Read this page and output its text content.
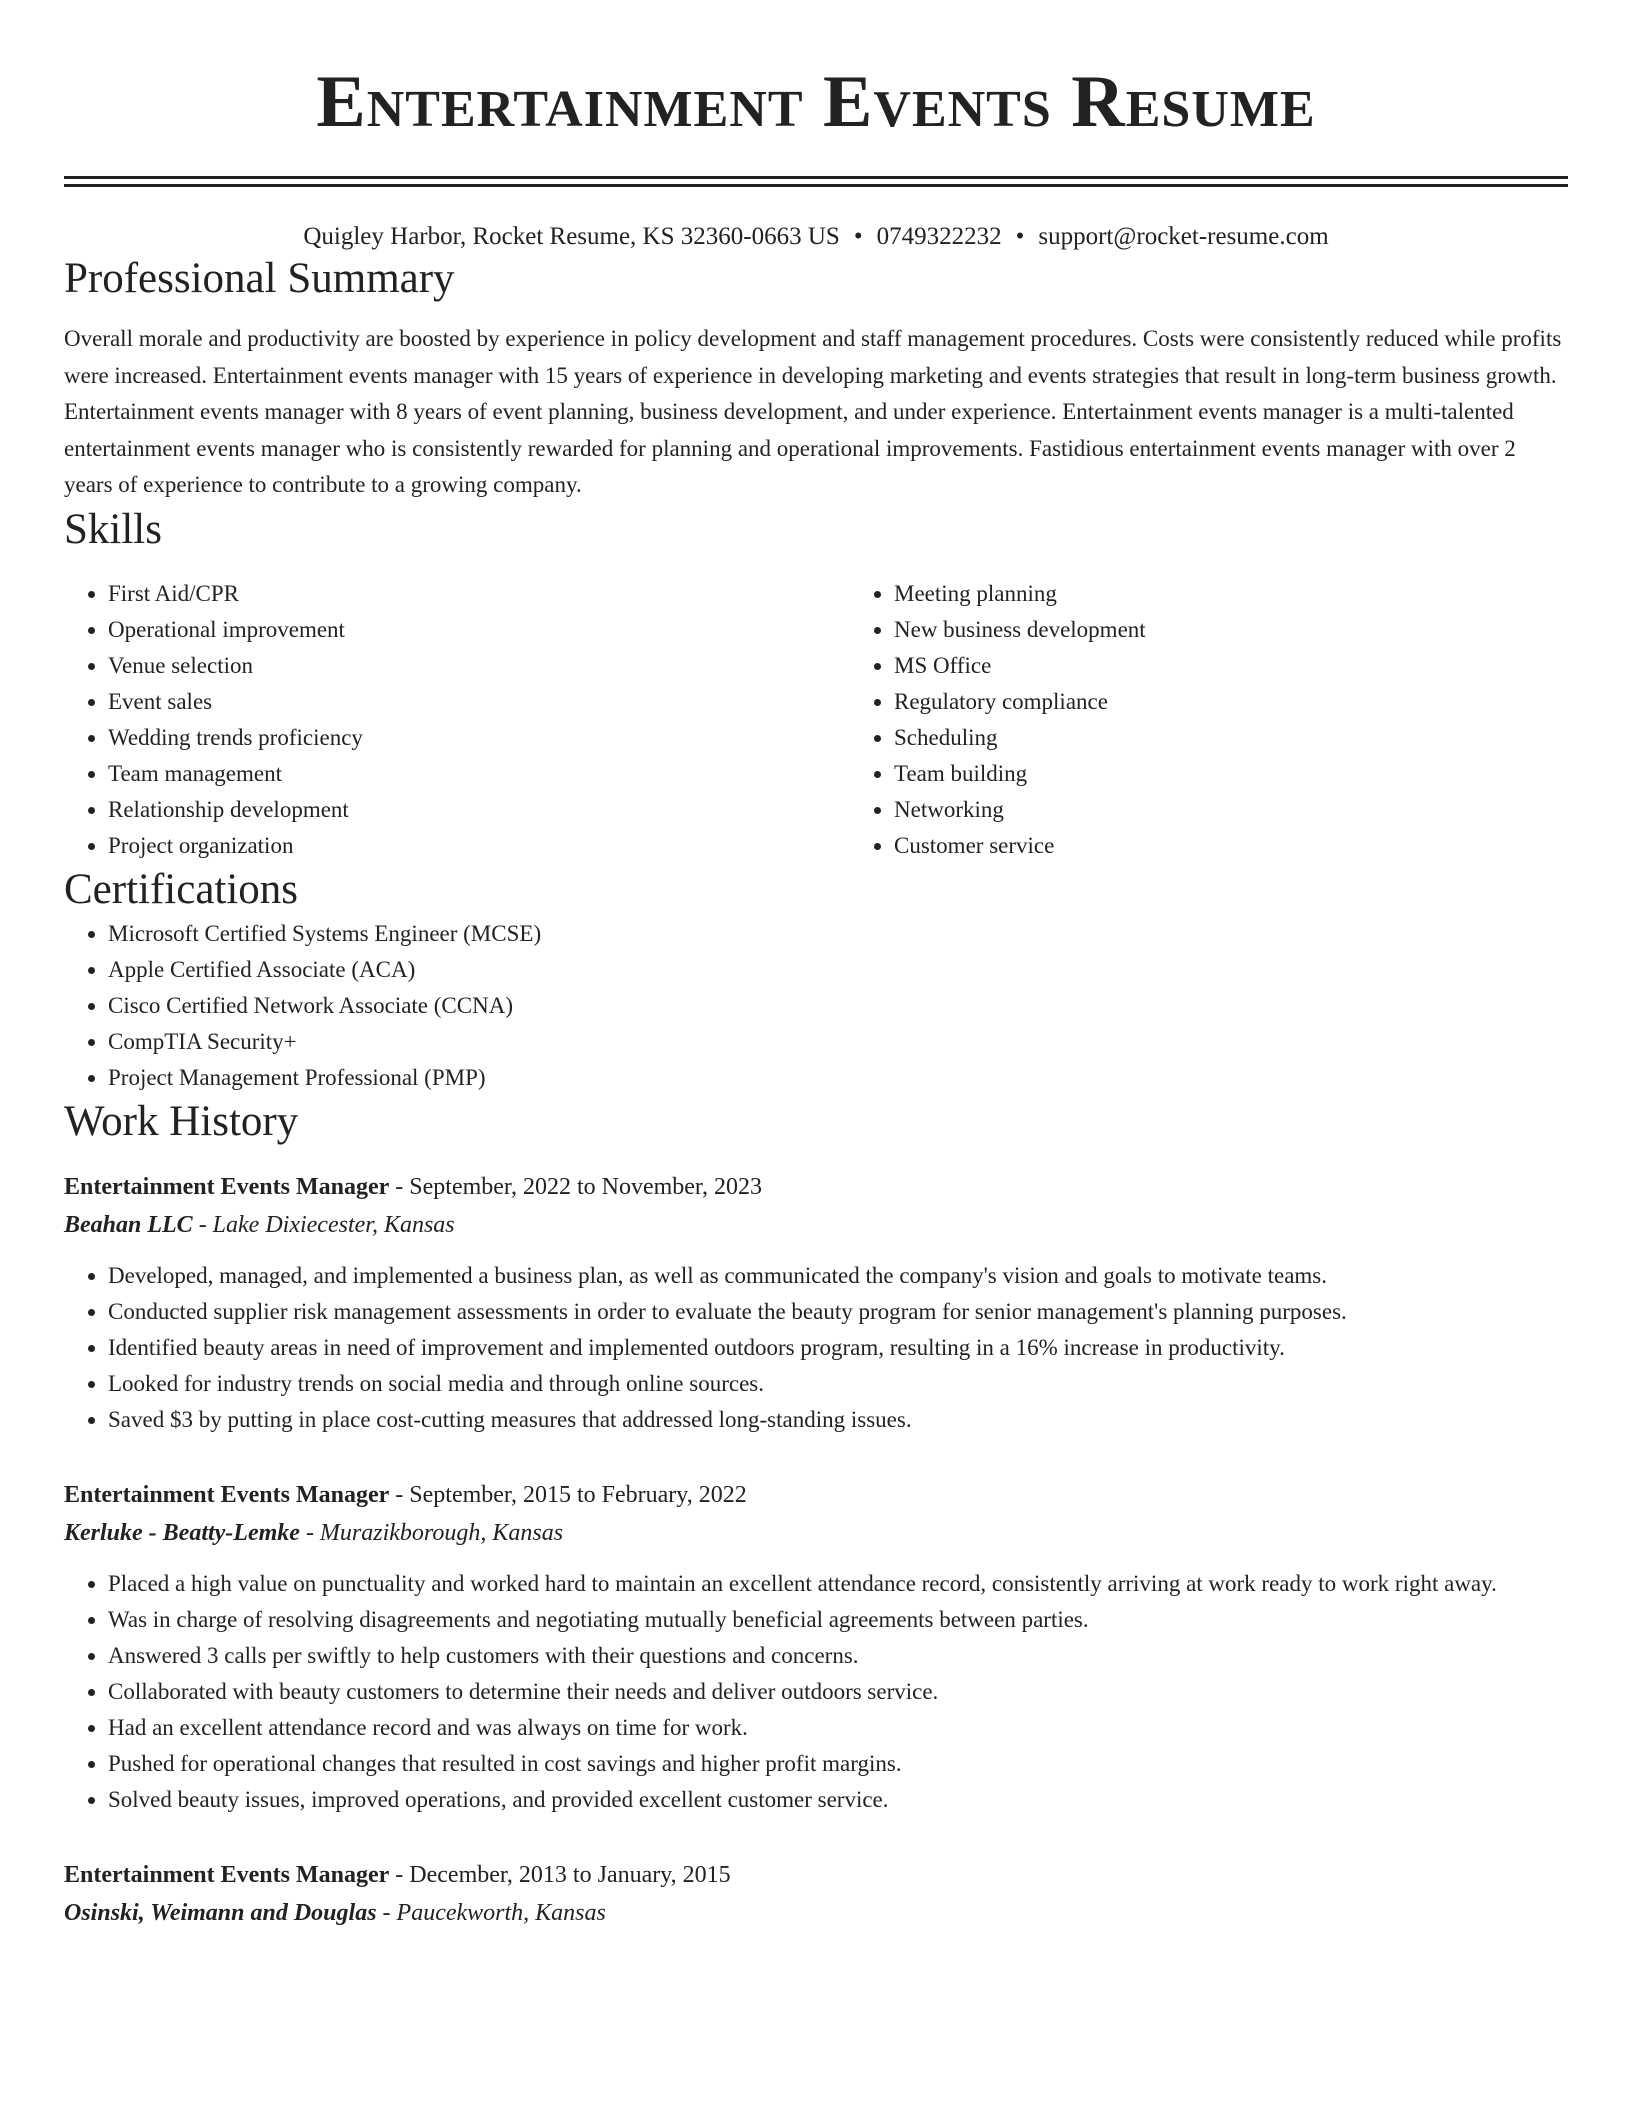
Entertainment Events Resume
Quigley Harbor, Rocket Resume, KS 32360-0663 US • 0749322232 • support@rocket-resume.com
Professional Summary

Overall morale and productivity are boosted by experience in policy development and staff management procedures. Costs were consistently reduced while profits were increased. Entertainment events manager with 15 years of experience in developing marketing and events strategies that result in long-term business growth. Entertainment events manager with 8 years of event planning, business development, and under experience. Entertainment events manager is a multi-talented entertainment events manager who is consistently rewarded for planning and operational improvements. Fastidious entertainment events manager with over 2 years of experience to contribute to a growing company.

Skills
• First Aid/CPR
• Operational improvement
• Venue selection
• Event sales
• Wedding trends proficiency
• Team management
• Relationship development
• Project organization
• Meeting planning
• New business development
• MS Office
• Regulatory compliance
• Scheduling
• Team building
• Networking
• Customer service
Certifications
• Microsoft Certified Systems Engineer (MCSE)
• Apple Certified Associate (ACA)
• Cisco Certified Network Associate (CCNA)
• CompTIA Security+
• Project Management Professional (PMP)
Work History
Entertainment Events Manager - September, 2022 to November, 2023
Beahan LLC - Lake Dixiecester, Kansas
• Developed, managed, and implemented a business plan, as well as communicated the company's vision and goals to motivate teams.
• Conducted supplier risk management assessments in order to evaluate the beauty program for senior management's planning purposes.
• Identified beauty areas in need of improvement and implemented outdoors program, resulting in a 16% increase in productivity.
• Looked for industry trends on social media and through online sources.
• Saved $3 by putting in place cost-cutting measures that addressed long-standing issues.
Entertainment Events Manager - September, 2015 to February, 2022
Kerluke - Beatty-Lemke - Murazikborough, Kansas
• Placed a high value on punctuality and worked hard to maintain an excellent attendance record, consistently arriving at work ready to work right away.
• Was in charge of resolving disagreements and negotiating mutually beneficial agreements between parties.
• Answered 3 calls per swiftly to help customers with their questions and concerns.
• Collaborated with beauty customers to determine their needs and deliver outdoors service.
• Had an excellent attendance record and was always on time for work.
• Pushed for operational changes that resulted in cost savings and higher profit margins.
• Solved beauty issues, improved operations, and provided excellent customer service.
Entertainment Events Manager - December, 2013 to January, 2015
Osinski, Weimann and Douglas - Paucekworth, Kansas
